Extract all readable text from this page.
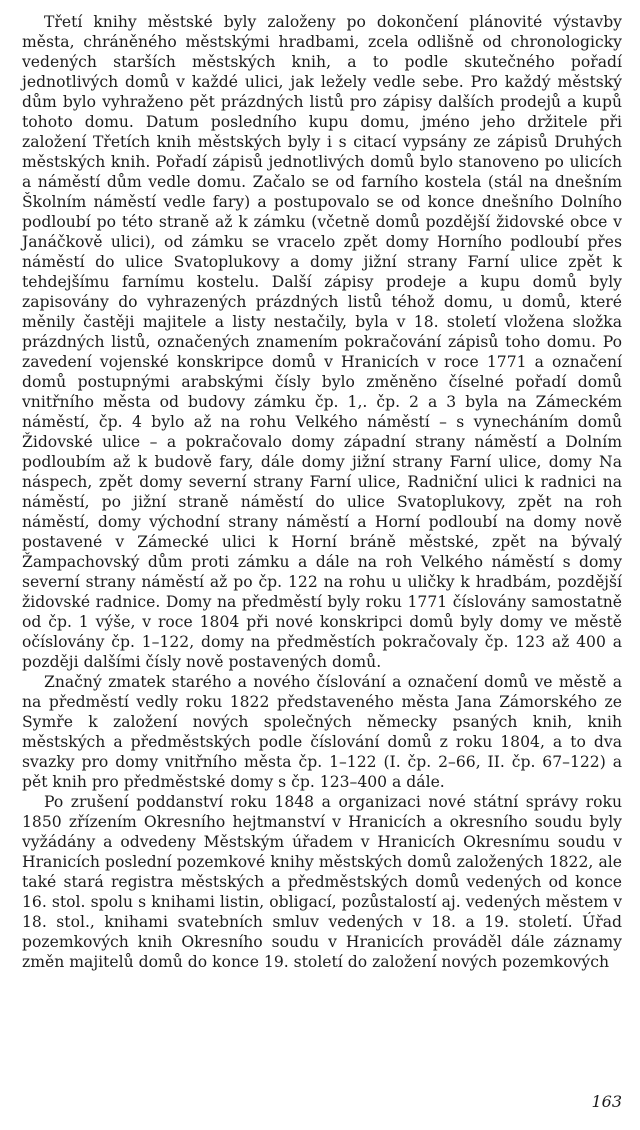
Třetí knihy městské byly založeny po dokončení plánovité výstavby města, chráněného městskými hradbami, zcela odlišně od chronologicky vedených starších městských knih, a to podle skutečného pořadí jednotlivých domů v každé ulici, jak ležely vedle sebe. Pro každý městský dům bylo vyhraženo pět prázdných listů pro zápisy dalších prodejů a kupů tohoto domu. Datum posledního kupu domu, jméno jeho držitele při založení Třetích knih městských byly i s citací vypsány ze zápisů Druhých městských knih. Pořadí zápisů jednotlivých domů bylo stanoveno po ulicích a náměstí dům vedle domu. Začalo se od farního kostela (stál na dnešním Školním náměstí vedle fary) a postupovalo se od konce dnešního Dolního podloubí po této straně až k zámku (včetně domů pozdější židovské obce v Janáčkově ulici), od zámku se vracelo zpět domy Horního podloubí přes náměstí do ulice Svatoplukovy a domy jižní strany Farní ulice zpět k tehdejšímu farnímu kostelu. Další zápisy prodeje a kupu domů byly zapisovány do vyhrazených prázdných listů téhož domu, u domů, které měnily častěji majitele a listy nestačily, byla v 18. století vložena složka prázdných listů, označených znamením pokračování zápisů toho domu. Po zavedení vojenské konskripce domů v Hranicích v roce 1771 a označení domů postupnými arabskými čísly bylo změněno číselné pořadí domů vnitřního města od budovy zámku čp. 1,. čp. 2 a 3 byla na Zámeckém náměstí, čp. 4 bylo až na rohu Velkého náměstí – s vynecháním domů Židovské ulice – a pokračovalo domy západní strany náměstí a Dolním podloubím až k budově fary, dále domy jižní strany Farní ulice, domy Na náspech, zpět domy severní strany Farní ulice, Radniční ulici k radnici na náměstí, po jižní straně náměstí do ulice Svatoplukovy, zpět na roh náměstí, domy východní strany náměstí a Horní podloubí na domy nově postavené v Zámecké ulici k Horní bráně městské, zpět na bývalý Žampachovský dům proti zámku a dále na roh Velkého náměstí s domy severní strany náměstí až po čp. 122 na rohu u uličky k hradbám, pozdější židovské radnice. Domy na předměstí byly roku 1771 číslovány samostatně od čp. 1 výše, v roce 1804 při nové konskripci domů byly domy ve městě očíslovány čp. 1–122, domy na předměstích pokračovaly čp. 123 až 400 a později dalšími čísly nově postavených domů.

Značný zmatek starého a nového číslování a označení domů ve městě a na předměstí vedly roku 1822 představeného města Jana Zámorského ze Symře k založení nových společných německy psaných knih, knih městských a předměstských podle číslování domů z roku 1804, a to dva svazky pro domy vnitřního města čp. 1–122 (I. čp. 2–66, II. čp. 67–122) a pět knih pro předměstské domy s čp. 123–400 a dále.

Po zrušení poddanství roku 1848 a organizaci nové státní správy roku 1850 zřízením Okresního hejtmanství v Hranicích a okresního soudu byly vyžádány a odvedeny Městským úřadem v Hranicích Okresnímu soudu v Hranicích poslední pozemkové knihy městských domů založených 1822, ale také stará registra městských a předměstských domů vedených od konce 16. stol. spolu s knihami listin, obligací, pozůstalostí aj. vedených městem v 18. stol., knihami svatebních smluv vedených v 18. a 19. století. Úřad pozemkových knih Okresního soudu v Hranicích prováděl dále záznamy změn majitelů domů do konce 19. století do založení nových pozemkových

163
